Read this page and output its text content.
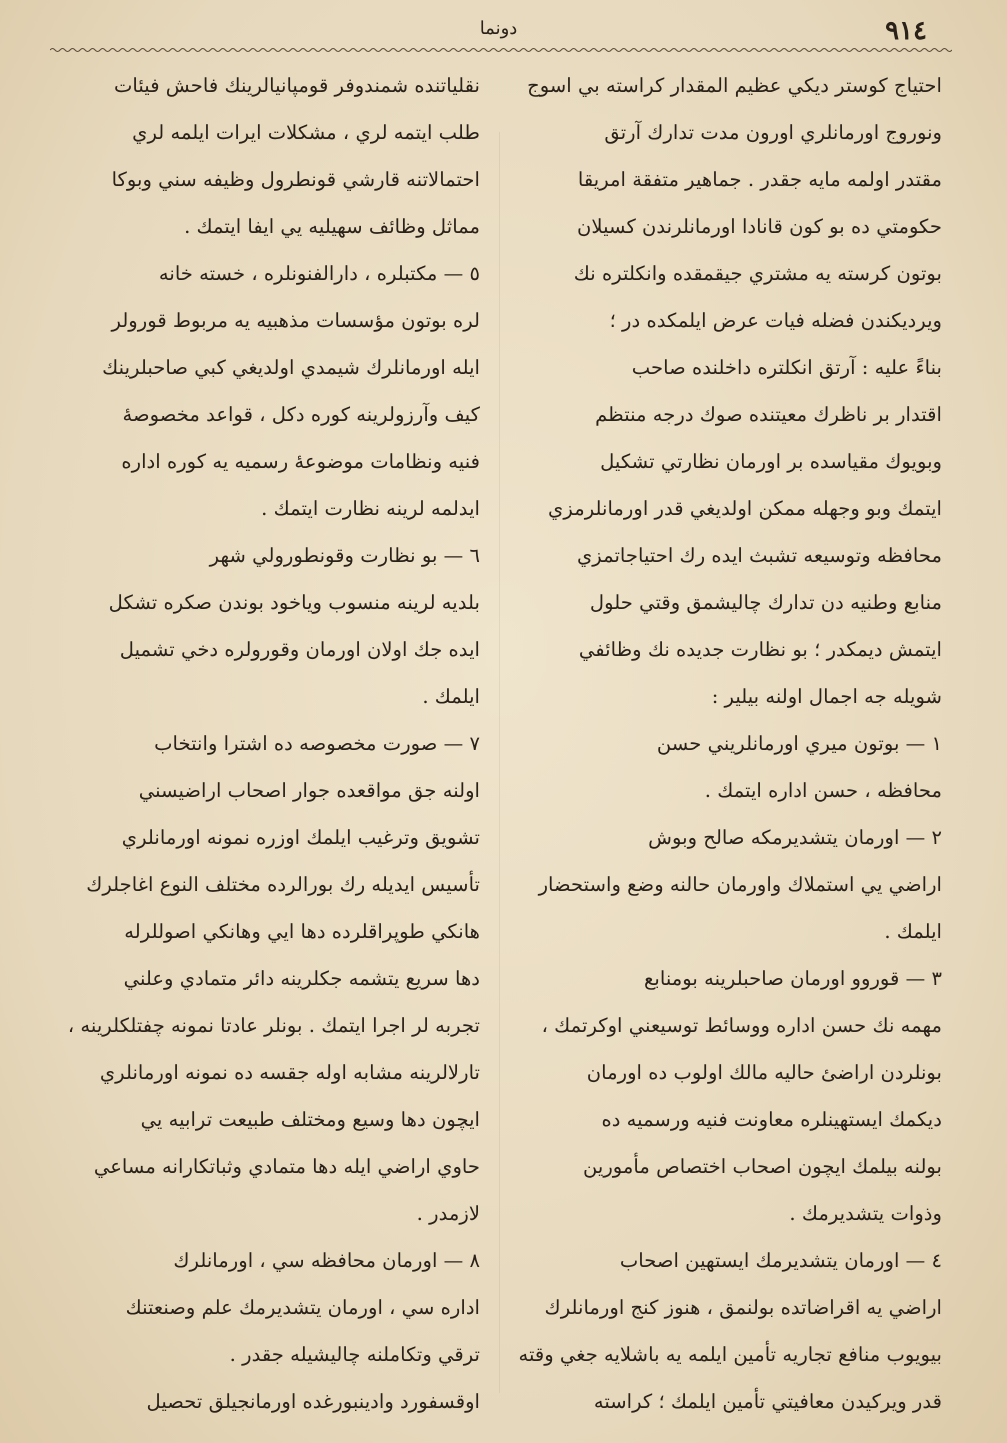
٩١٤
دونما
احتياج كوستر ديكي عظيم المقدار كراسته بي اسوج
ونوروج اورمانلري اورون مدت تدارك آرتق
مقتدر اولمه مايه جقدر . جماهير متفقة امريقا
حكومتي ده بو كون قانادا اورمانلرندن كسيلان
بوتون كرسته يه مشتري جيقمقده وانكلتره نك
ويرديكندن فضله فيات عرض ايلمكده در ؛
بناءً عليه : آرتق انكلتره داخلنده صاحب
اقتدار بر ناظرك معيتنده صوك درجه منتظم
وبويوك مقياسده بر اورمان نظارتي تشكيل
ايتمك وبو وجهله ممكن اولديغي قدر اورمانلرمزي
محافظه وتوسيعه تشبث ايده رك احتياجاتمزي
منابع وطنيه دن تدارك چاليشمق وقتي حلول
ايتمش ديمكدر ؛ بو نظارت جديده نك وظائفي
شويله جه اجمال اولنه بيلير :
١ — بوتون ميري اورمانلريني حسن
محافظه ، حسن اداره ايتمك .
٢ — اورمان يتشديرمكه صالح وبوش
اراضي يي استملاك واورمان حالنه وضع واستحضار
ايلمك .
٣ — قوروو اورمان صاحبلرينه بومنابع
مهمه نك حسن اداره ووسائط توسيعني اوكرتمك ،
بونلردن اراضئ حاليه مالك اولوب ده اورمان
ديكمك ايستهينلره معاونت فنيه ورسميه ده
بولنه بيلمك ايچون اصحاب اختصاص مأمورين
وذوات يتشديرمك .
٤ — اورمان يتشديرمك ايستهين اصحاب
اراضي يه اقراضاتده بولنمق ، هنوز كنج اورمانلرك
بيويوب منافع تجاريه تأمين ايلمه يه باشلايه جغي وقته
قدر ويركيدن معافيتي تأمين ايلمك ؛ كراسته
نقلياتنده شمندوفر قومپانيالرينك فاحش فيئات
طلب ايتمه لري ، مشكلات ايرات ايلمه لري
احتمالاتنه قارشي قونطرول وظيفه سني وبوكا
مماثل وظائف سهيليه يي ايفا ايتمك .
٥ — مكتبلره ، دارالفنونلره ، خسته خانه
لره بوتون مؤسسات مذهبيه يه مربوط قورولر
ايله اورمانلرك شيمدي اولديغي كبي صاحبلرينك
كيف وآرزولرينه كوره دكل ، قواعد مخصوصهٔ
فنيه ونظامات موضوعهٔ رسميه يه كوره اداره
ايدلمه لرينه نظارت ايتمك .
٦ — بو نظارت وقونطورولي شهر
بلديه لرينه منسوب وياخود بوندن صكره تشكل
ايده جك اولان اورمان وقورولره دخي تشميل
ايلمك .
٧ — صورت مخصوصه ده اشترا وانتخاب
اولنه جق مواقعده جوار اصحاب اراضيسني
تشويق وترغيب ايلمك اوزره نمونه اورمانلري
تأسيس ايديله رك بورالرده مختلف النوع اغاجلرك
هانكي طوپراقلرده دها ايي وهانكي اصوللرله
دها سريع يتشمه جكلرينه دائر متمادي وعلني
تجربه لر اجرا ايتمك . بونلر عادتا نمونه چفتلكلرينه ،
تارلالرينه مشابه اوله جقسه ده نمونه اورمانلري
ايچون دها وسيع ومختلف طبيعت ترابيه يي
حاوي اراضي ايله دها متمادي وثباتكارانه مساعي
لازمدر .
٨ — اورمان محافظه سي ، اورمانلرك
اداره سي ، اورمان يتشديرمك علم وصنعتنك
ترقي وتكاملنه چاليشيله جقدر .
اوقسفورد وادينبورغده اورمانجيلق تحصيل
